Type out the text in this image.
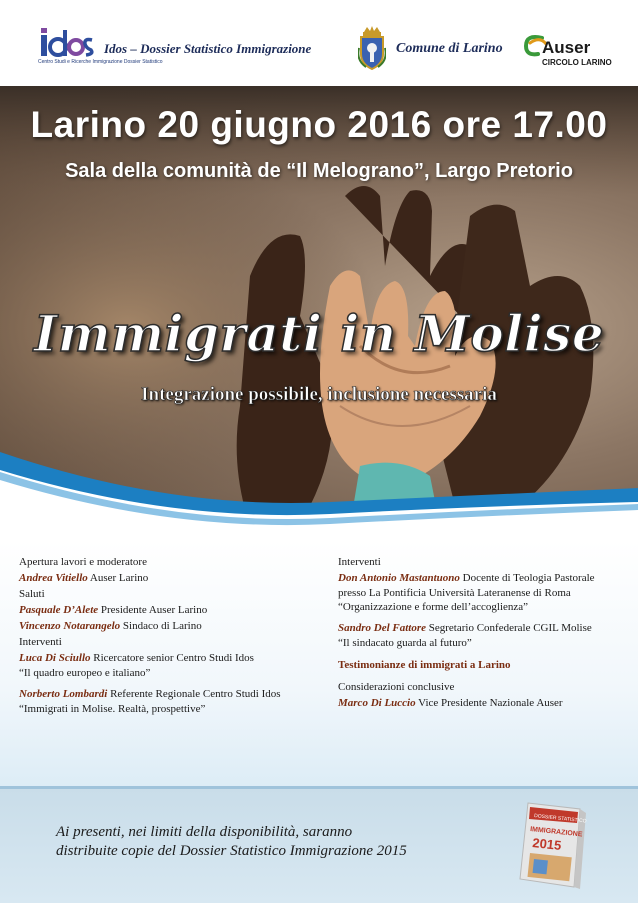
Centro Studi e Ricerche Immigrazione Dossier Statistico
Idos – Dossier Statistico Immigrazione	Comune di Larino Auser
CIRCOLO LARINO
Larino 20 giugno 2016 ore 17.00
Sala della comunità de “Il Melograno”, Largo Pretorio
Immigrati in Molise
Integrazione possibile, inclusione necessaria
Apertura lavori e moderatore
Andrea Vitiello Auser Larino
Saluti
Pasquale D’Alete Presidente Auser Larino
Vincenzo Notarangelo Sindaco di Larino
Interventi
Luca Di Sciullo Ricercatore senior Centro Studi Idos
“Il quadro europeo e italiano”
Norberto Lombardi Referente Regionale Centro Studi Idos
“Immigrati in Molise. Realtà, prospettive”
Interventi
Don Antonio Mastantuono Docente di Teologia Pastorale
presso La Pontificia Università Lateranense di Roma
“Organizzazione e forme dell’accoglienza”
Sandro Del Fattore Segretario Confederale CGIL Molise
“Il sindacato guarda al futuro”
Testimonianze di immigrati a Larino
Considerazioni conclusive
Marco Di Luccio Vice Presidente Nazionale Auser
Ai presenti, nei limiti della disponibilità, saranno
distribuite copie del Dossier Statistico Immigrazione 2015
DOSSIER STATISTICO
IMMIGRAZIONE
2015
